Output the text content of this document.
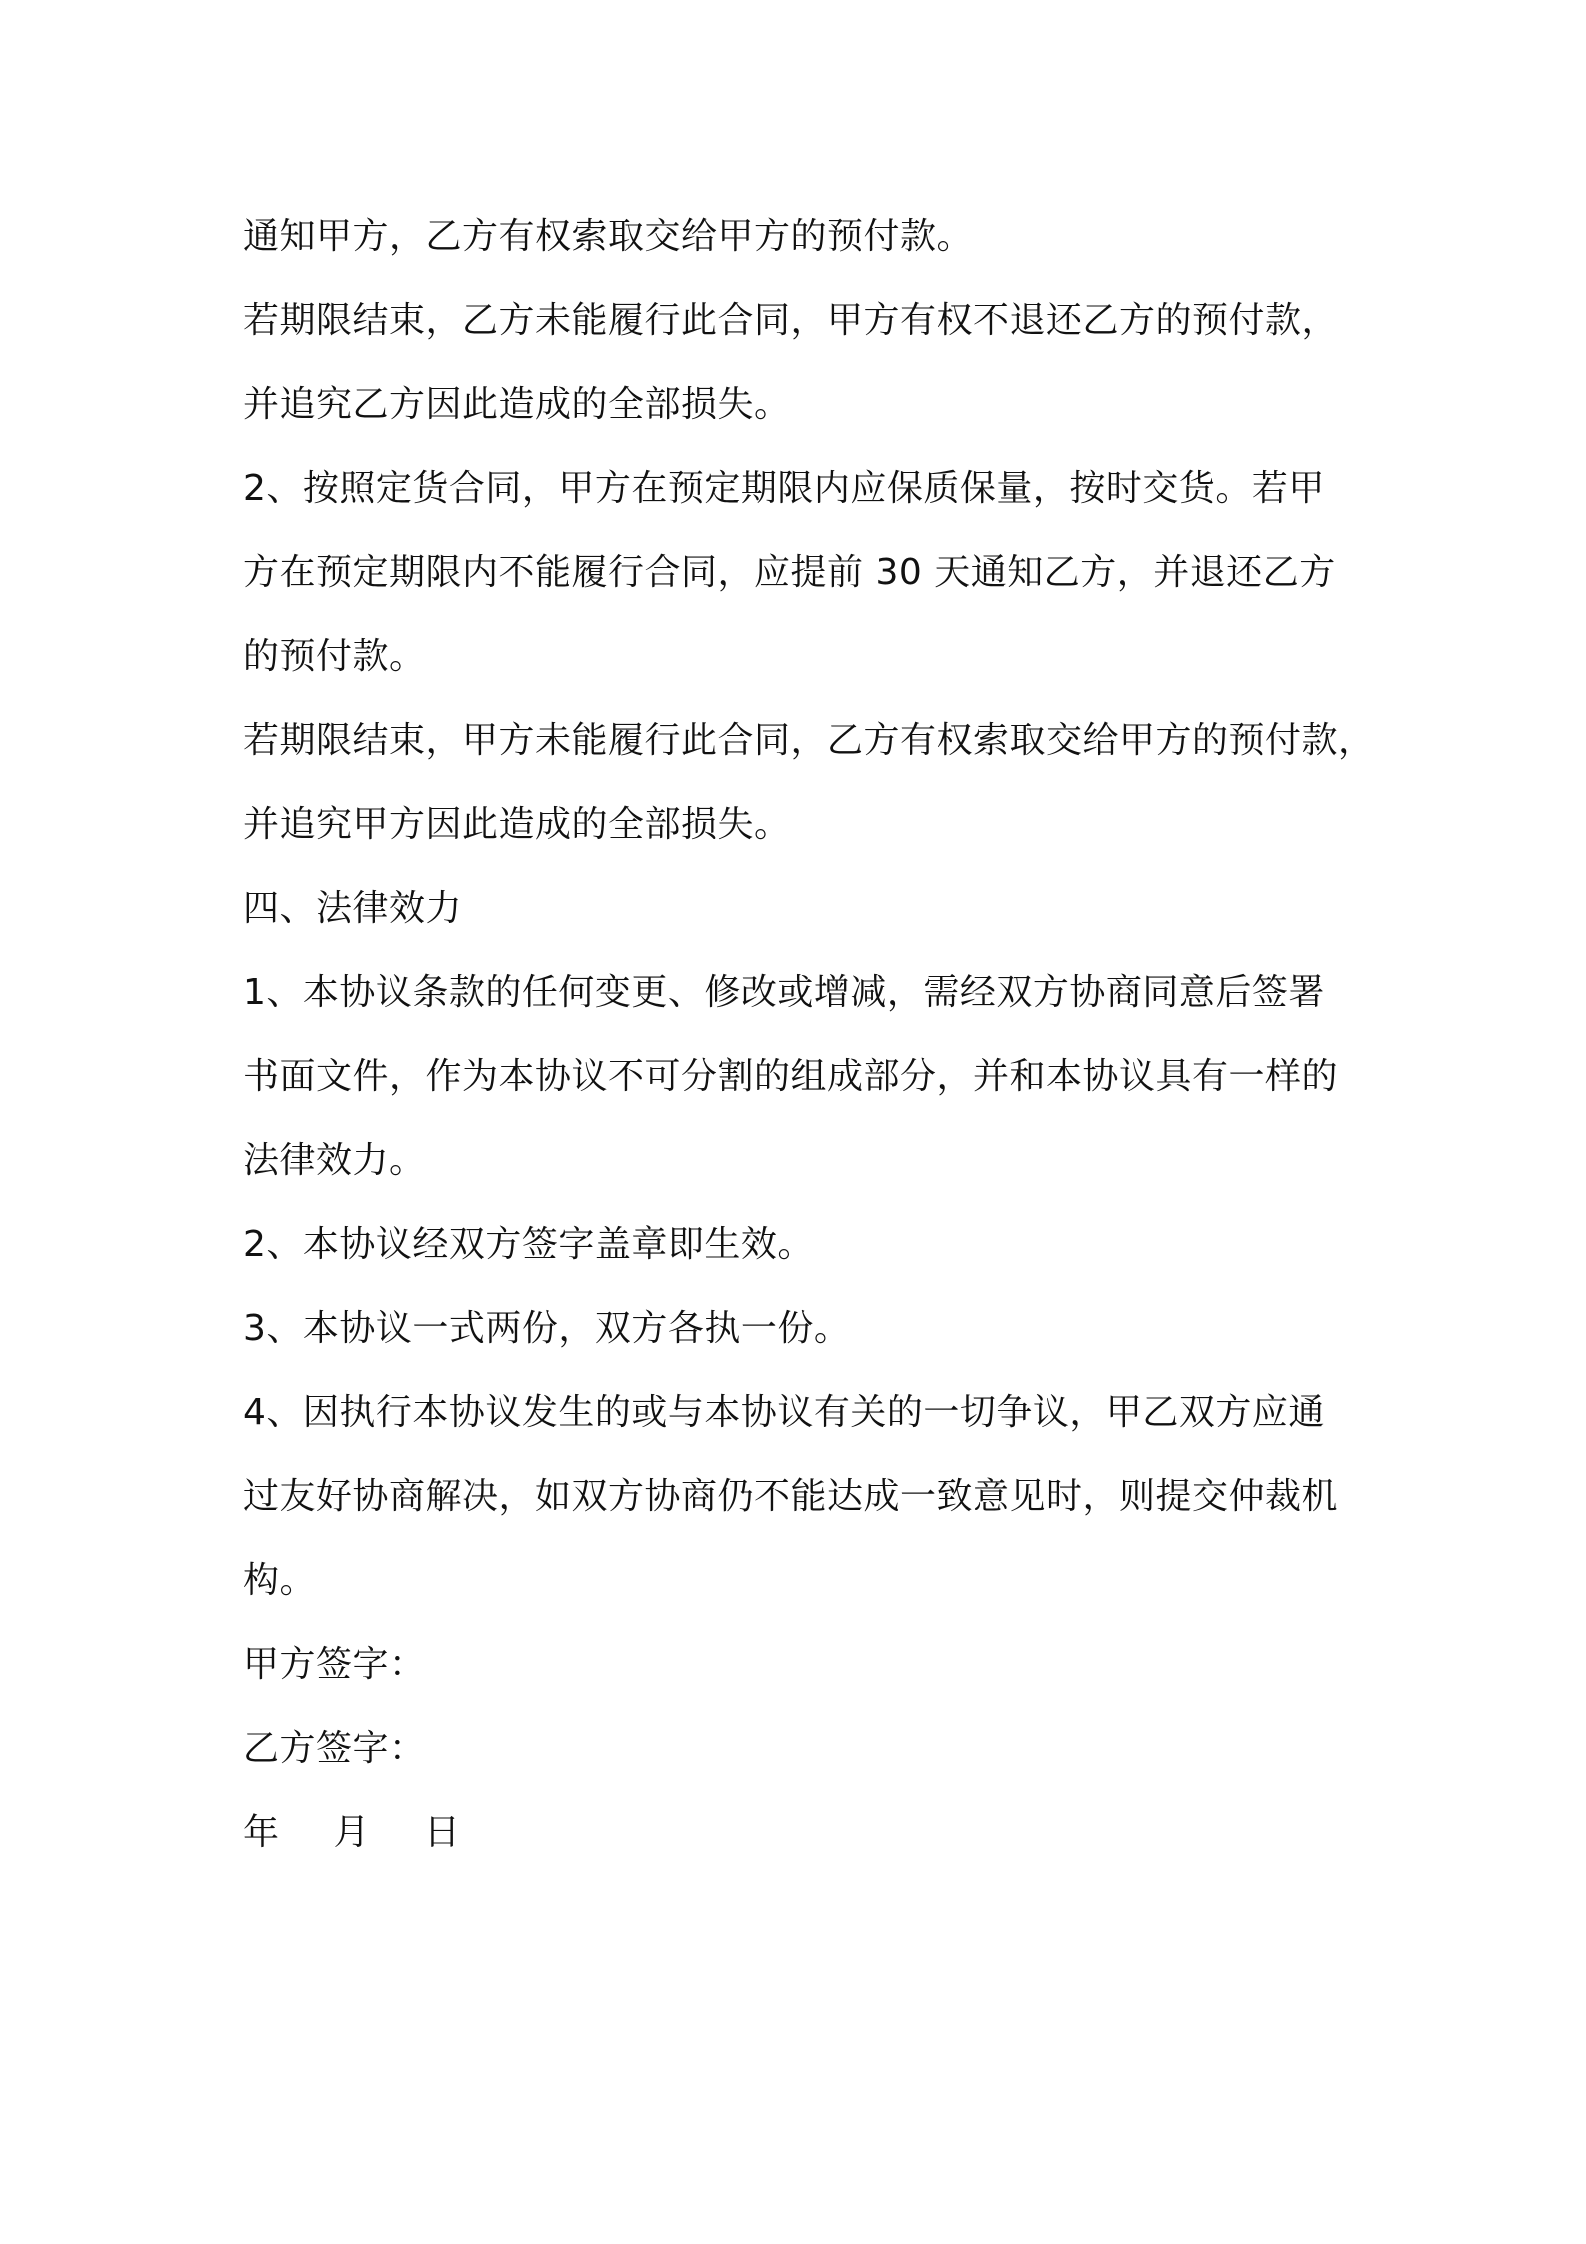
通知甲方，乙方有权索取交给甲方的预付款。

若期限结束，乙方未能履行此合同，甲方有权不退还乙方的预付款，

并追究乙方因此造成的全部损失。

2、按照定货合同，甲方在预定期限内应保质保量，按时交货。若甲

方在预定期限内不能履行合同，应提前 30 天通知乙方，并退还乙方

的预付款。

若期限结束，甲方未能履行此合同，乙方有权索取交给甲方的预付款，

并追究甲方因此造成的全部损失。

四、法律效力

1、本协议条款的任何变更、修改或增减，需经双方协商同意后签署

书面文件，作为本协议不可分割的组成部分，并和本协议具有一样的

法律效力。

2、本协议经双方签字盖章即生效。

3、本协议一式两份，双方各执一份。

4、因执行本协议发生的或与本协议有关的一切争议，甲乙双方应通

过友好协商解决，如双方协商仍不能达成一致意见时，则提交仲裁机

构。

甲方签字：

乙方签字：

年 月 日
